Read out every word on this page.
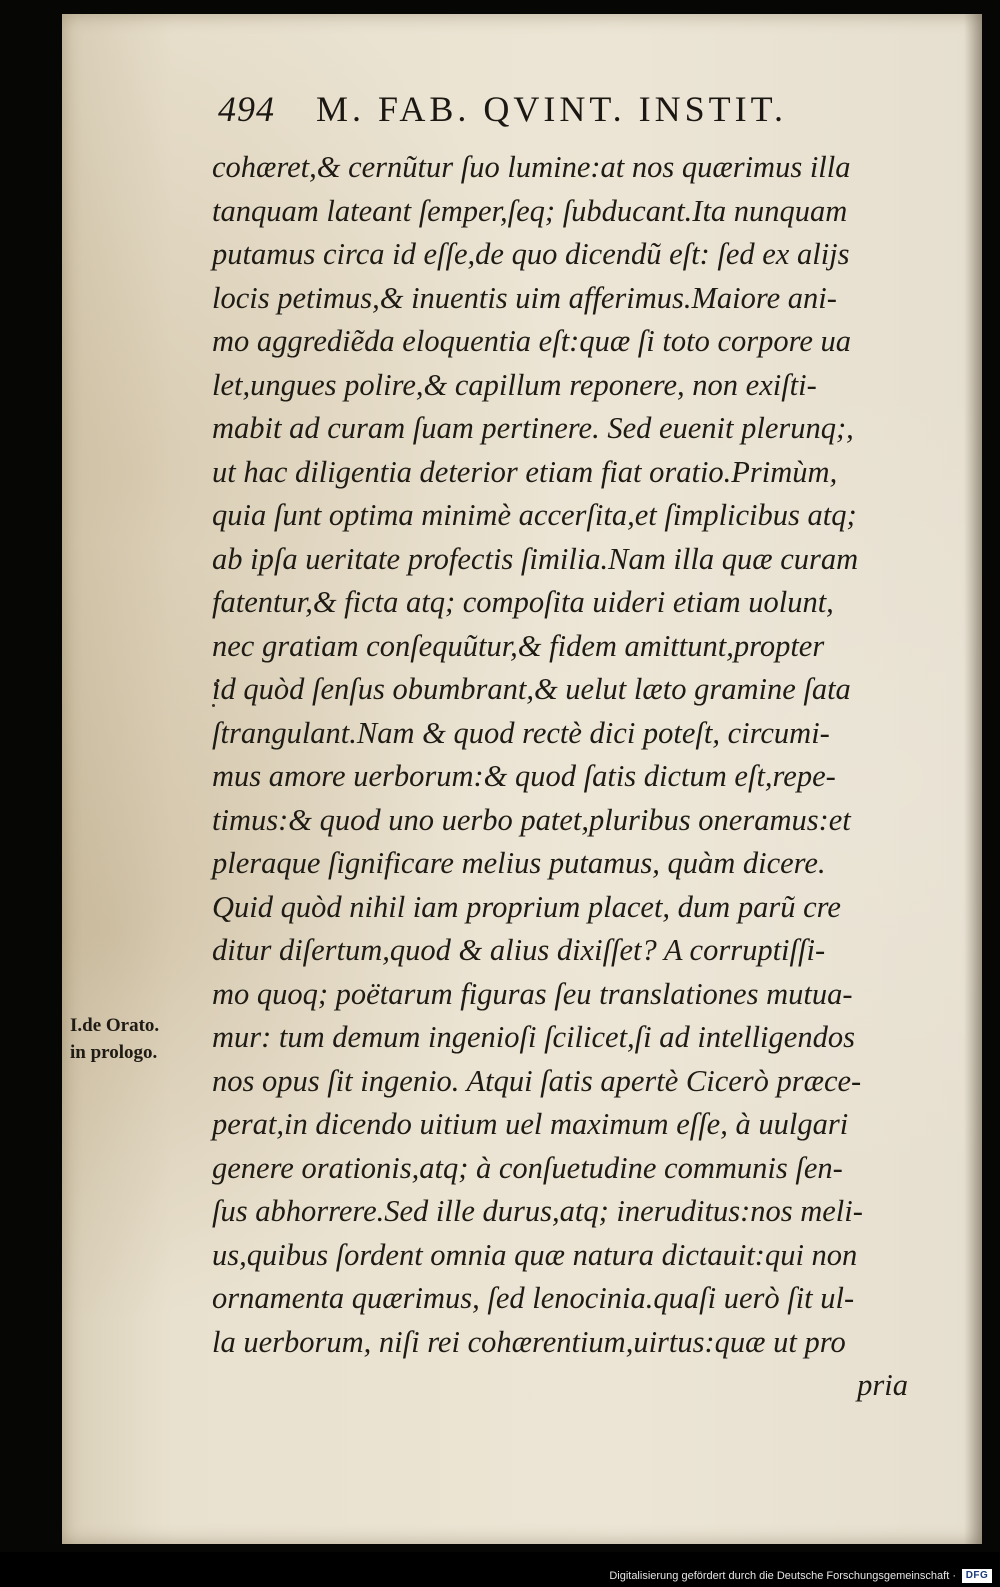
494 M. FAB. QVINT. INSTIT.
cohæret,& cernũtur ſuo lumine:at nos quærimus illa
tanquam lateant ſemper,ſeq; ſubducant.Ita nunquam
putamus circa id eſſe,de quo dicendũ eſt: ſed ex alijs
locis petimus,& inuentis uim afferimus.Maiore ani-
mo aggrediẽda eloquentia eſt:quæ ſi toto corpore ua
let,ungues polire,& capillum reponere, non exiſti-
mabit ad curam ſuam pertinere. Sed euenit plerunq;,
ut hac diligentia deterior etiam fiat oratio.Primùm,
quia ſunt optima minimè accerſita,et ſimplicibus atq;
ab ipſa ueritate profectis ſimilia.Nam illa quæ curam
fatentur,& ficta atq; compoſita uideri etiam uolunt,
nec gratiam conſequũtur,& fidem amittunt,propter
id quòd ſenſus obumbrant,& uelut læto gramine ſata
ſtrangulant.Nam & quod rectè dici poteſt, circumi-
mus amore uerborum:& quod ſatis dictum eſt,repe-
timus:& quod uno uerbo patet,pluribus oneramus:et
pleraque ſignificare melius putamus, quàm dicere.
Quid quòd nihil iam proprium placet, dum parũ cre
ditur diſertum,quod & alius dixiſſet? A corruptiſſi-
mo quoq; poëtarum figuras ſeu translationes mutua-
mur: tum demum ingenioſi ſcilicet,ſi ad intelligendos
nos opus ſit ingenio. Atqui ſatis apertè Cicerò præce-
perat,in dicendo uitium uel maximum eſſe, à uulgari
genere orationis,atq; à conſuetudine communis ſen-
ſus abhorrere.Sed ille durus,atq; ineruditus:nos meli-
us,quibus ſordent omnia quæ natura dictauit:qui non
ornamenta quærimus, ſed lenocinia.quaſi uerò ſit ul-
la uerborum, niſi rei cohærentium,uirtus:quæ ut pro
pria
I.de Orato.
in prologo.
Digitalisierung gefördert durch die Deutsche Forschungsgemeinschaft · DFG
